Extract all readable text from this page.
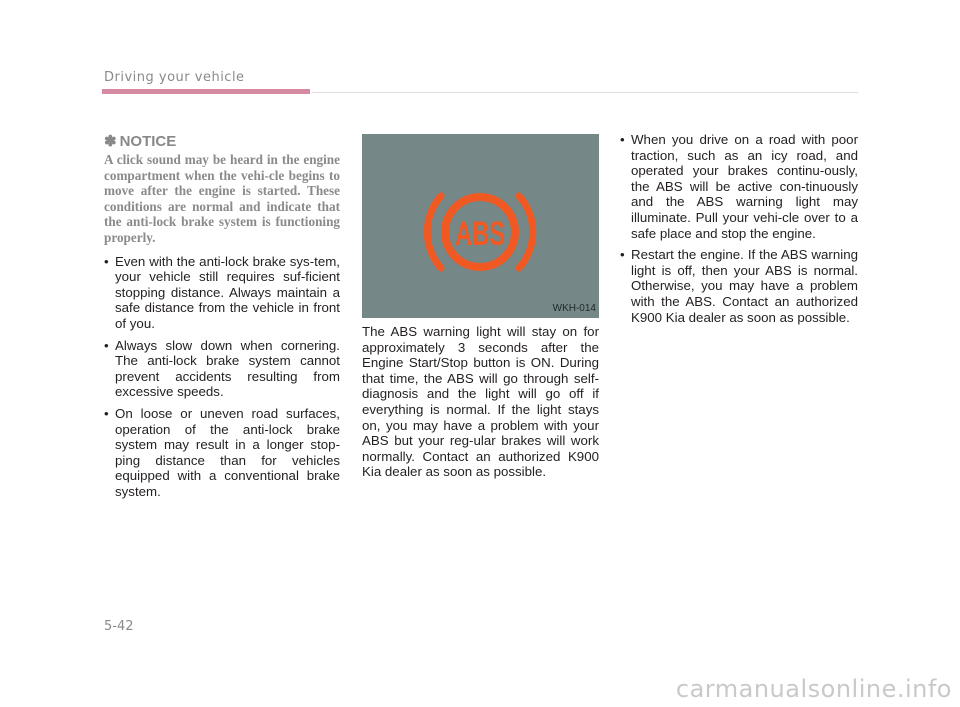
Driving your vehicle
✽ NOTICE

A click sound may be heard in the engine compartment when the vehi-cle begins to move after the engine is started. These conditions are normal and indicate that the anti-lock brake system is functioning properly.

• Even with the anti-lock brake sys-tem, your vehicle still requires suf-ficient stopping distance. Always maintain a safe distance from the vehicle in front of you.
• Always slow down when cornering. The anti-lock brake system cannot prevent accidents resulting from excessive speeds.
• On loose or uneven road surfaces, operation of the anti-lock brake system may result in a longer stop-ping distance than for vehicles equipped with a conventional brake system.
ABS
WKH-014

The ABS warning light will stay on for approximately 3 seconds after the Engine Start/Stop button is ON. During that time, the ABS will go through self-diagnosis and the light will go off if everything is normal. If the light stays on, you may have a problem with your ABS but your reg-ular brakes will work normally. Contact an authorized K900 Kia dealer as soon as possible.

• When you drive on a road with poor traction, such as an icy road, and operated your brakes continu-ously, the ABS will be active con-tinuously and the ABS warning light may illuminate. Pull your vehi-cle over to a safe place and stop the engine.
• Restart the engine. If the ABS warning light is off, then your ABS is normal. Otherwise, you may have a problem with the ABS. Contact an authorized K900 Kia dealer as soon as possible.
5-42
carmanualsonline.info
